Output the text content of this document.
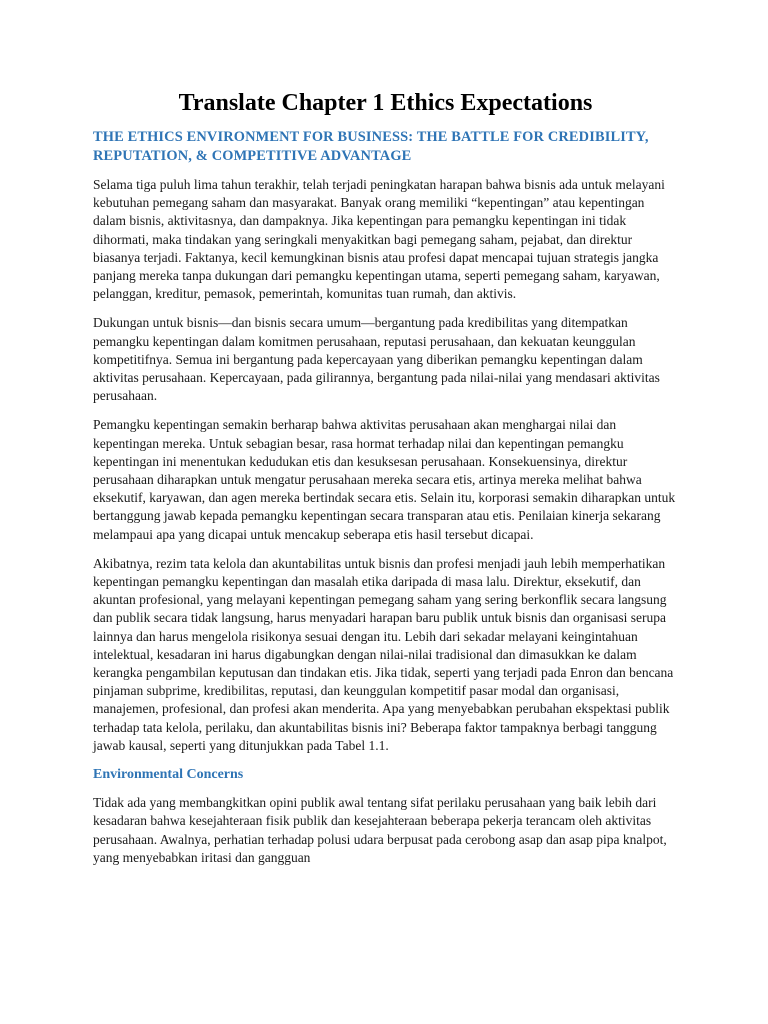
Translate Chapter 1 Ethics Expectations
THE ETHICS ENVIRONMENT FOR BUSINESS: THE BATTLE FOR CREDIBILITY, REPUTATION, & COMPETITIVE ADVANTAGE

Selama tiga puluh lima tahun terakhir, telah terjadi peningkatan harapan bahwa bisnis ada untuk melayani kebutuhan pemegang saham dan masyarakat. Banyak orang memiliki “kepentingan” atau kepentingan dalam bisnis, aktivitasnya, dan dampaknya. Jika kepentingan para pemangku kepentingan ini tidak dihormati, maka tindakan yang seringkali menyakitkan bagi pemegang saham, pejabat, dan direktur biasanya terjadi. Faktanya, kecil kemungkinan bisnis atau profesi dapat mencapai tujuan strategis jangka panjang mereka tanpa dukungan dari pemangku kepentingan utama, seperti pemegang saham, karyawan, pelanggan, kreditur, pemasok, pemerintah, komunitas tuan rumah, dan aktivis.

Dukungan untuk bisnis—dan bisnis secara umum—bergantung pada kredibilitas yang ditempatkan pemangku kepentingan dalam komitmen perusahaan, reputasi perusahaan, dan kekuatan keunggulan kompetitifnya. Semua ini bergantung pada kepercayaan yang diberikan pemangku kepentingan dalam aktivitas perusahaan. Kepercayaan, pada gilirannya, bergantung pada nilai-nilai yang mendasari aktivitas perusahaan.

Pemangku kepentingan semakin berharap bahwa aktivitas perusahaan akan menghargai nilai dan kepentingan mereka. Untuk sebagian besar, rasa hormat terhadap nilai dan kepentingan pemangku kepentingan ini menentukan kedudukan etis dan kesuksesan perusahaan. Konsekuensinya, direktur perusahaan diharapkan untuk mengatur perusahaan mereka secara etis, artinya mereka melihat bahwa eksekutif, karyawan, dan agen mereka bertindak secara etis. Selain itu, korporasi semakin diharapkan untuk bertanggung jawab kepada pemangku kepentingan secara transparan atau etis. Penilaian kinerja sekarang melampaui apa yang dicapai untuk mencakup seberapa etis hasil tersebut dicapai.

Akibatnya, rezim tata kelola dan akuntabilitas untuk bisnis dan profesi menjadi jauh lebih memperhatikan kepentingan pemangku kepentingan dan masalah etika daripada di masa lalu. Direktur, eksekutif, dan akuntan profesional, yang melayani kepentingan pemegang saham yang sering berkonflik secara langsung dan publik secara tidak langsung, harus menyadari harapan baru publik untuk bisnis dan organisasi serupa lainnya dan harus mengelola risikonya sesuai dengan itu. Lebih dari sekadar melayani keingintahuan intelektual, kesadaran ini harus digabungkan dengan nilai-nilai tradisional dan dimasukkan ke dalam kerangka pengambilan keputusan dan tindakan etis. Jika tidak, seperti yang terjadi pada Enron dan bencana pinjaman subprime, kredibilitas, reputasi, dan keunggulan kompetitif pasar modal dan organisasi, manajemen, profesional, dan profesi akan menderita. Apa yang menyebabkan perubahan ekspektasi publik terhadap tata kelola, perilaku, dan akuntabilitas bisnis ini? Beberapa faktor tampaknya berbagi tanggung jawab kausal, seperti yang ditunjukkan pada Tabel 1.1.

Environmental Concerns

Tidak ada yang membangkitkan opini publik awal tentang sifat perilaku perusahaan yang baik lebih dari kesadaran bahwa kesejahteraan fisik publik dan kesejahteraan beberapa pekerja terancam oleh aktivitas perusahaan. Awalnya, perhatian terhadap polusi udara berpusat pada cerobong asap dan asap pipa knalpot, yang menyebabkan iritasi dan gangguan
